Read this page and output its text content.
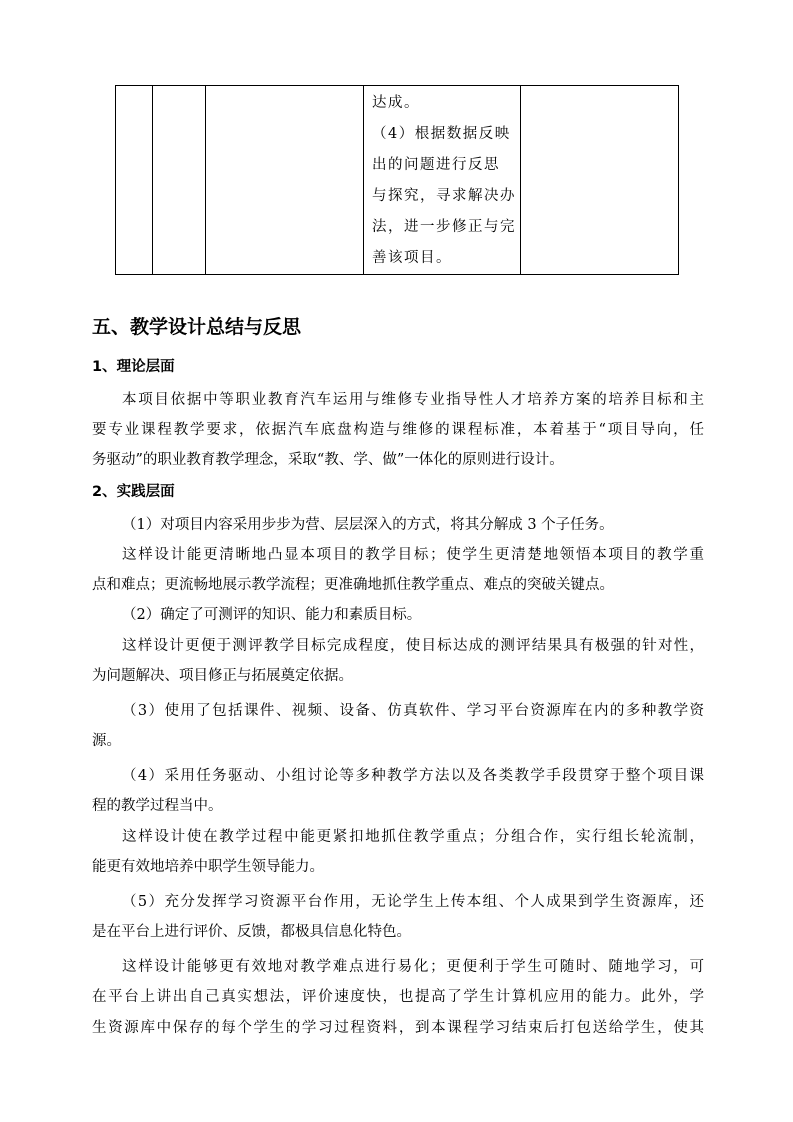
达成。
（4）根据数据反映
出的问题进行反思
与探究，寻求解决办
法，进一步修正与完
善该项目。

五、教学设计总结与反思
1、理论层面
本项目依据中等职业教育汽车运用与维修专业指导性人才培养方案的培养目标和主
要专业课程教学要求，依据汽车底盘构造与维修的课程标准，本着基于“项目导向，任
务驱动”的职业教育教学理念，采取“教、学、做”一体化的原则进行设计。
2、实践层面
（1）对项目内容采用步步为营、层层深入的方式，将其分解成 3 个子任务。
这样设计能更清晰地凸显本项目的教学目标；使学生更清楚地领悟本项目的教学重
点和难点；更流畅地展示教学流程；更准确地抓住教学重点、难点的突破关键点。
（2）确定了可测评的知识、能力和素质目标。
这样设计更便于测评教学目标完成程度，使目标达成的测评结果具有极强的针对性，
为问题解决、项目修正与拓展奠定依据。
（3）使用了包括课件、视频、设备、仿真软件、学习平台资源库在内的多种教学资
源。
（4）采用任务驱动、小组讨论等多种教学方法以及各类教学手段贯穿于整个项目课
程的教学过程当中。
这样设计使在教学过程中能更紧扣地抓住教学重点；分组合作，实行组长轮流制，
能更有效地培养中职学生领导能力。
（5）充分发挥学习资源平台作用，无论学生上传本组、个人成果到学生资源库，还
是在平台上进行评价、反馈，都极具信息化特色。
这样设计能够更有效地对教学难点进行易化；更便利于学生可随时、随地学习，可
在平台上讲出自己真实想法，评价速度快，也提高了学生计算机应用的能力。此外，学
生资源库中保存的每个学生的学习过程资料，到本课程学习结束后打包送给学生，使其
